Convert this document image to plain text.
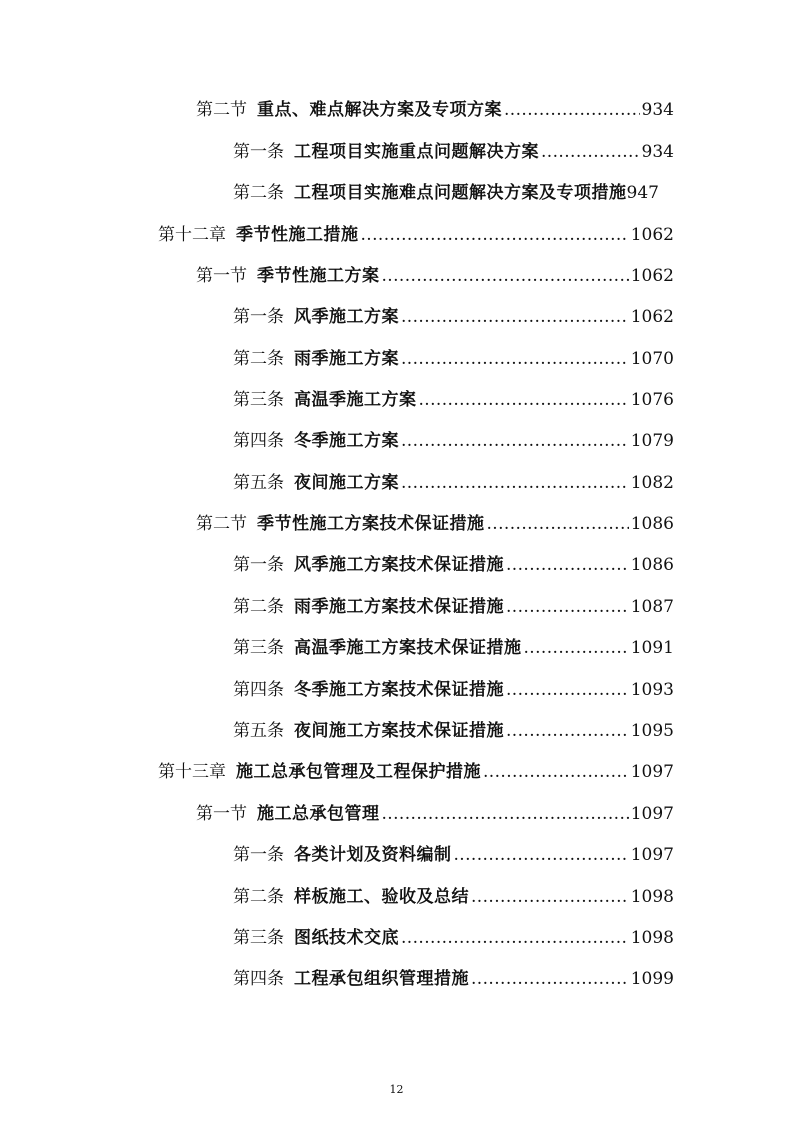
第二节 重点、难点解决方案及专项方案 .....	934
第一条 工程项目实施重点问题解决方案 .....	934
第二条 工程项目实施难点问题解决方案及专项措施 947
第十二章 季节性施工措施 .....	1062
第一节 季节性施工方案 .....	1062
第一条 风季施工方案 .....	1062
第二条 雨季施工方案 .....	1070
第三条 高温季施工方案 .....	1076
第四条 冬季施工方案 .....	1079
第五条 夜间施工方案 .....	1082
第二节 季节性施工方案技术保证措施 .....	1086
第一条 风季施工方案技术保证措施 .....	1086
第二条 雨季施工方案技术保证措施 .....	1087
第三条 高温季施工方案技术保证措施 .....	1091
第四条 冬季施工方案技术保证措施 .....	1093
第五条 夜间施工方案技术保证措施 .....	1095
第十三章 施工总承包管理及工程保护措施 .....	1097
第一节 施工总承包管理 .....	1097
第一条 各类计划及资料编制 .....	1097
第二条 样板施工、验收及总结 .....	1098
第三条 图纸技术交底 .....	1098
第四条 工程承包组织管理措施 .....	1099
12
